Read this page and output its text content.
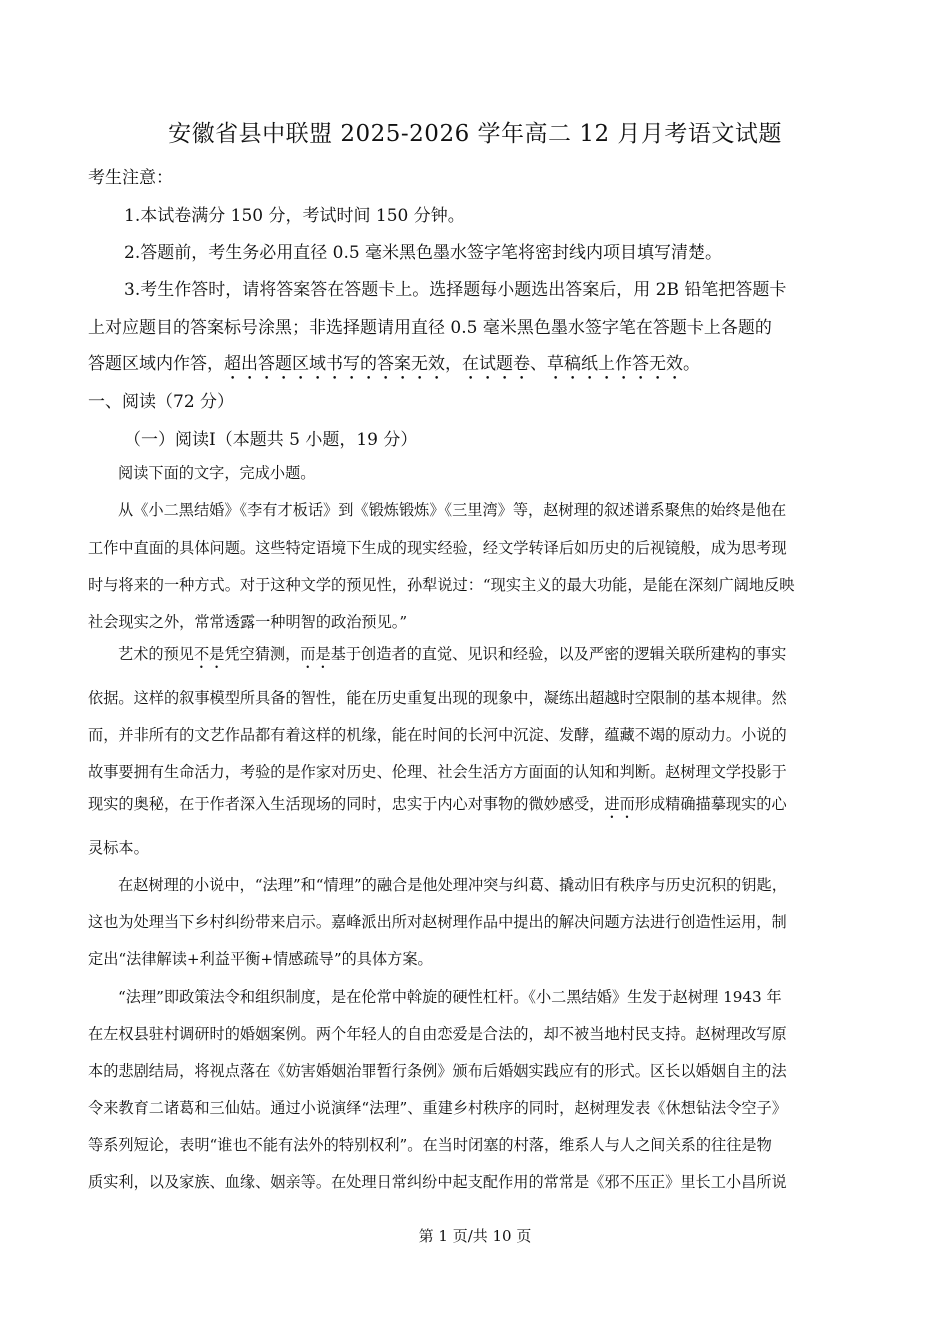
安徽省县中联盟 2025-2026 学年高二 12 月月考语文试题
考生注意：
1.本试卷满分 150 分，考试时间 150 分钟。
2.答题前，考生务必用直径 0.5 毫米黑色墨水签字笔将密封线内项目填写清楚。
3.考生作答时，请将答案答在答题卡上。选择题每小题选出答案后，用 2B 铅笔把答题卡
上对应题目的答案标号涂黑；非选择题请用直径 0.5 毫米黑色墨水签字笔在答题卡上各题的
答题区域内作答，超出答题区域书写的答案无效，在试题卷、草稿纸上作答无效。
一、阅读（72 分）
（一）阅读Ⅰ（本题共 5 小题，19 分）
阅读下面的文字，完成小题。
从《小二黑结婚》《李有才板话》到《锻炼锻炼》《三里湾》等，赵树理的叙述谱系聚焦的始终是他在
工作中直面的具体问题。这些特定语境下生成的现实经验，经文学转译后如历史的后视镜般，成为思考现
时与将来的一种方式。对于这种文学的预见性，孙犁说过：“现实主义的最大功能，是能在深刻广阔地反映
社会现实之外，常常透露一种明智的政治预见。”
艺术的预见不是凭空猜测，而是基于创造者的直觉、见识和经验，以及严密的逻辑关联所建构的事实
依据。这样的叙事模型所具备的智性，能在历史重复出现的现象中，凝练出超越时空限制的基本规律。然
而，并非所有的文艺作品都有着这样的机缘，能在时间的长河中沉淀、发酵，蕴藏不竭的原动力。小说的
故事要拥有生命活力，考验的是作家对历史、伦理、社会生活方方面面的认知和判断。赵树理文学投影于
现实的奥秘，在于作者深入生活现场的同时，忠实于内心对事物的微妙感受，进而形成精确描摹现实的心
灵标本。
在赵树理的小说中，“法理”和“情理”的融合是他处理冲突与纠葛、撬动旧有秩序与历史沉积的钥匙，
这也为处理当下乡村纠纷带来启示。嘉峰派出所对赵树理作品中提出的解决问题方法进行创造性运用，制
定出“法律解读+利益平衡+情感疏导”的具体方案。
“法理”即政策法令和组织制度，是在伦常中斡旋的硬性杠杆。《小二黑结婚》生发于赵树理 1943 年
在左权县驻村调研时的婚姻案例。两个年轻人的自由恋爱是合法的，却不被当地村民支持。赵树理改写原
本的悲剧结局，将视点落在《妨害婚姻治罪暂行条例》颁布后婚姻实践应有的形式。区长以婚姻自主的法
令来教育二诸葛和三仙姑。通过小说演绎“法理”、重建乡村秩序的同时，赵树理发表《休想钻法令空子》
等系列短论，表明“谁也不能有法外的特别权利”。在当时闭塞的村落，维系人与人之间关系的往往是物
质实利，以及家族、血缘、姻亲等。在处理日常纠纷中起支配作用的常常是《邪不压正》里长工小昌所说
第 1 页/共 10 页
